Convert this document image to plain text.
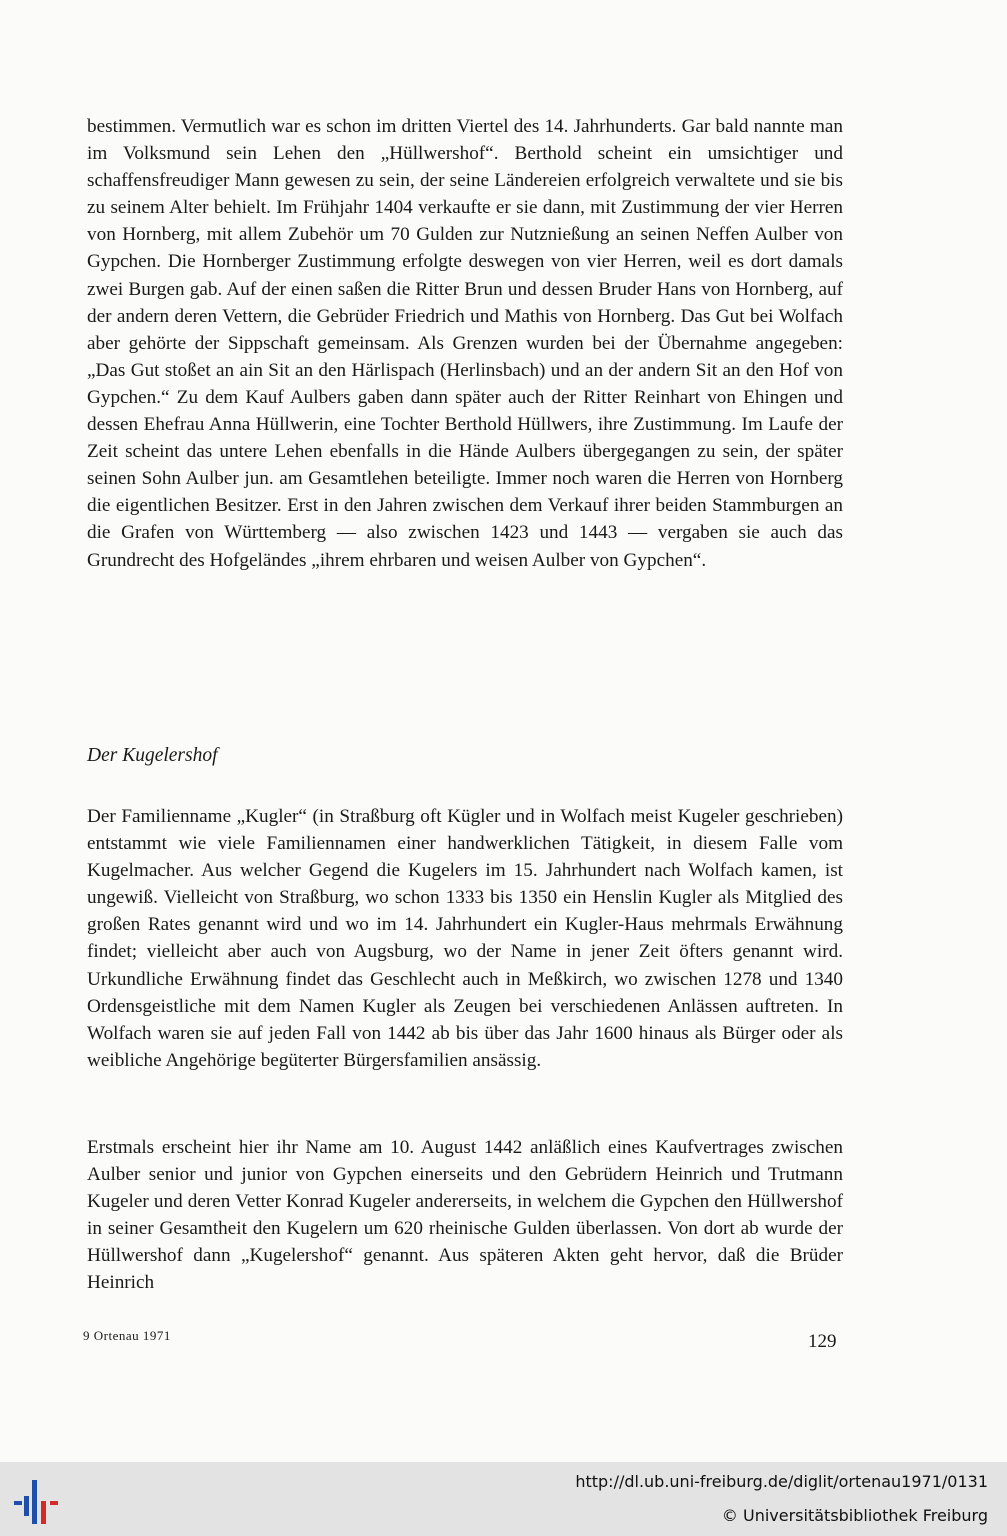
bestimmen. Vermutlich war es schon im dritten Viertel des 14. Jahrhunderts. Gar bald nannte man im Volksmund sein Lehen den „Hüllwershof“. Berthold scheint ein umsichtiger und schaffensfreudiger Mann gewesen zu sein, der seine Ländereien erfolgreich verwaltete und sie bis zu seinem Alter behielt. Im Frühjahr 1404 verkaufte er sie dann, mit Zustimmung der vier Herren von Hornberg, mit allem Zubehör um 70 Gulden zur Nutznießung an seinen Neffen Aulber von Gypchen. Die Hornberger Zustimmung erfolgte deswegen von vier Herren, weil es dort damals zwei Burgen gab. Auf der einen saßen die Ritter Brun und dessen Bruder Hans von Hornberg, auf der andern deren Vettern, die Gebrüder Friedrich und Mathis von Hornberg. Das Gut bei Wolfach aber gehörte der Sippschaft gemeinsam. Als Grenzen wurden bei der Übernahme angegeben: „Das Gut stoßet an ain Sit an den Härlispach (Herlinsbach) und an der andern Sit an den Hof von Gypchen.“ Zu dem Kauf Aulbers gaben dann später auch der Ritter Reinhart von Ehingen und dessen Ehefrau Anna Hüllwerin, eine Tochter Berthold Hüllwers, ihre Zustimmung. Im Laufe der Zeit scheint das untere Lehen ebenfalls in die Hände Aulbers übergegangen zu sein, der später seinen Sohn Aulber jun. am Gesamtlehen beteiligte. Immer noch waren die Herren von Hornberg die eigentlichen Besitzer. Erst in den Jahren zwischen dem Verkauf ihrer beiden Stammburgen an die Grafen von Württemberg — also zwischen 1423 und 1443 — vergaben sie auch das Grundrecht des Hofgeländes „ihrem ehrbaren und weisen Aulber von Gypchen“.

Der Kugelershof

Der Familienname „Kugler“ (in Straßburg oft Kügler und in Wolfach meist Kugeler geschrieben) entstammt wie viele Familiennamen einer handwerklichen Tätigkeit, in diesem Falle vom Kugelmacher. Aus welcher Gegend die Kugelers im 15. Jahrhundert nach Wolfach kamen, ist ungewiß. Vielleicht von Straßburg, wo schon 1333 bis 1350 ein Henslin Kugler als Mitglied des großen Rates genannt wird und wo im 14. Jahrhundert ein Kugler-Haus mehrmals Erwähnung findet; vielleicht aber auch von Augsburg, wo der Name in jener Zeit öfters genannt wird. Urkundliche Erwähnung findet das Geschlecht auch in Meßkirch, wo zwischen 1278 und 1340 Ordensgeistliche mit dem Namen Kugler als Zeugen bei verschiedenen Anlässen auftreten. In Wolfach waren sie auf jeden Fall von 1442 ab bis über das Jahr 1600 hinaus als Bürger oder als weibliche Angehörige begüterter Bürgersfamilien ansässig.

Erstmals erscheint hier ihr Name am 10. August 1442 anläßlich eines Kaufvertrages zwischen Aulber senior und junior von Gypchen einerseits und den Gebrüdern Heinrich und Trutmann Kugeler und deren Vetter Konrad Kugeler andererseits, in welchem die Gypchen den Hüllwershof in seiner Gesamtheit den Kugelern um 620 rheinische Gulden überlassen. Von dort ab wurde der Hüllwershof dann „Kugelershof“ genannt. Aus späteren Akten geht hervor, daß die Brüder Heinrich

9 Ortenau 1971	129
http://dl.ub.uni-freiburg.de/diglit/ortenau1971/0131
© Universitätsbibliothek Freiburg
